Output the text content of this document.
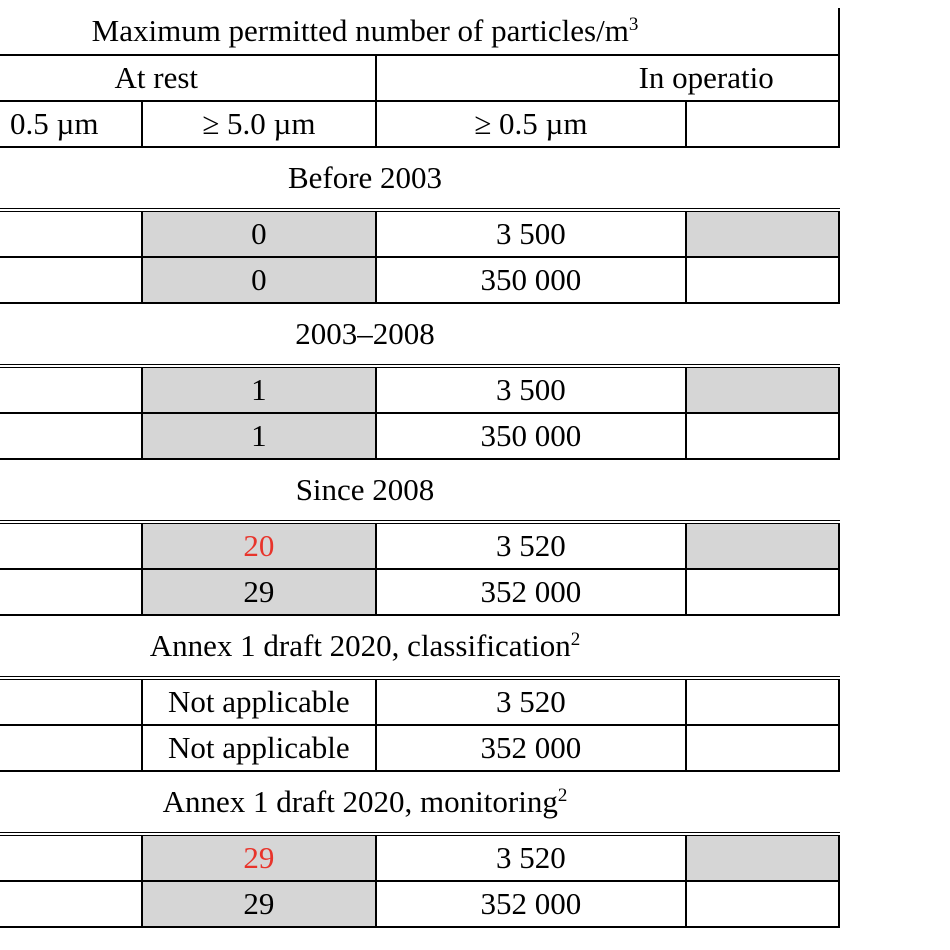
Maximum permitted number of particles/$m^3$
At rest		In operatio	
0.5 µm	≥ 5.0 µm	≥ 0.5 µm	
Before 2003			
	0	3 500	
	0	350 000	
2003–2008			
	1	3 500	
	1	350 000	
Since 2008			
	20	3 520	
	29	352 000	
Annex 1 draft 2020, classification$^2$
	Not applicable	3 520	
	Not applicable	352 000	
Annex 1 draft 2020, monitoring$^2$
	29	3 520	
	29	352 000	
